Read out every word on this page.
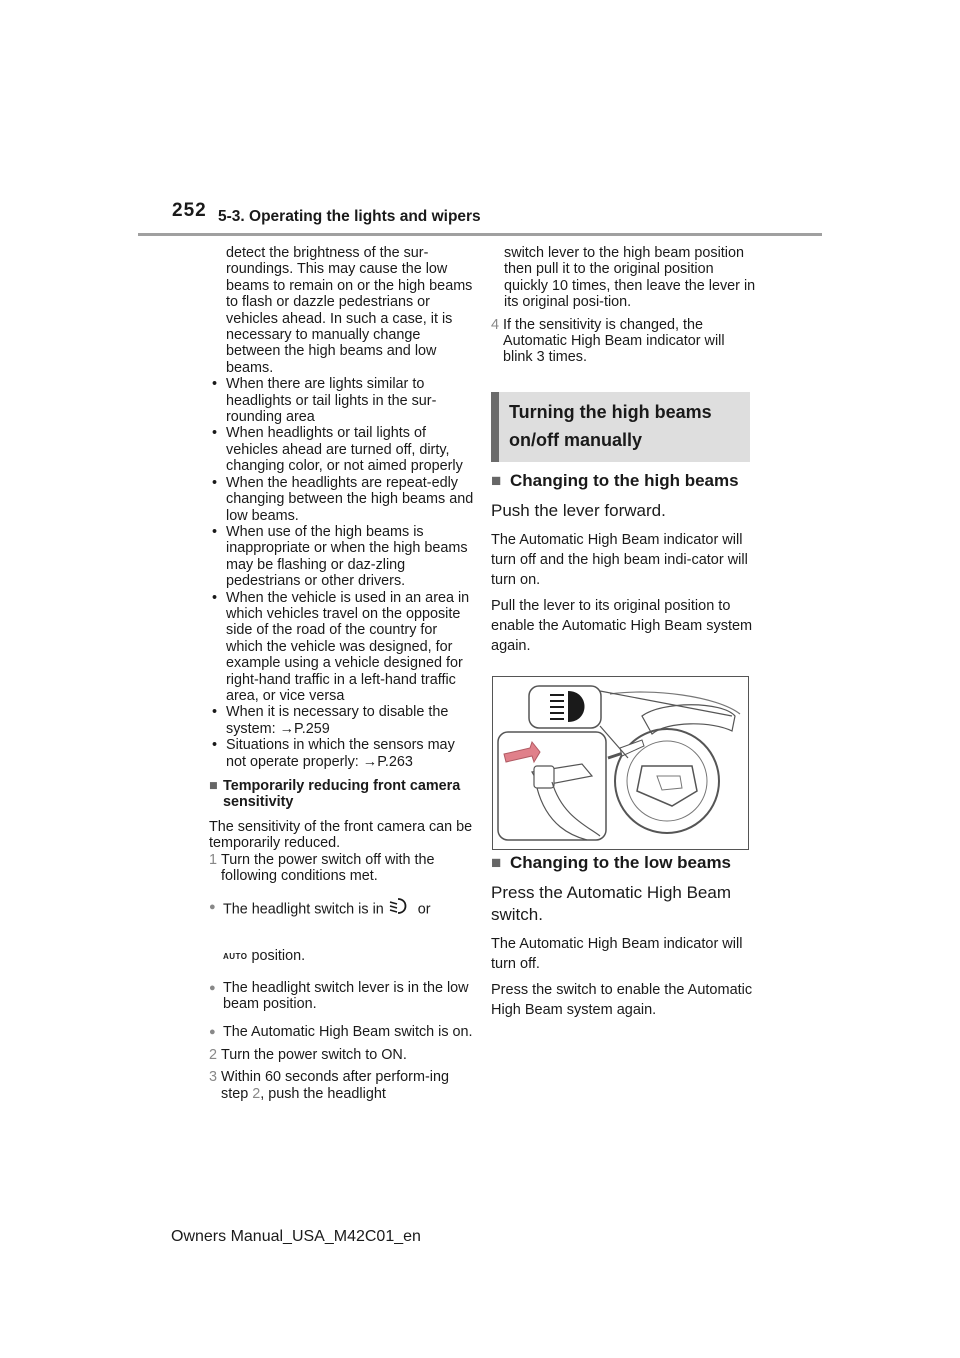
252 5-3. Operating the lights and wipers

detect the brightness of the sur-roundings. This may cause the low beams to remain on or the high beams to flash or dazzle pedestrians or vehicles ahead. In such a case, it is necessary to manually change between the high beams and low beams.

• When there are lights similar to headlights or tail lights in the sur-rounding area

• When headlights or tail lights of vehicles ahead are turned off, dirty, changing color, or not aimed properly

• When the headlights are repeat-edly changing between the high beams and low beams.

• When use of the high beams is inappropriate or when the high beams may be flashing or daz-zling pedestrians or other drivers.

• When the vehicle is used in an area in which vehicles travel on the opposite side of the road of the country for which the vehicle was designed, for example using a vehicle designed for right-hand traffic in a left-hand traffic area, or vice versa

• When it is necessary to disable the system: →P.259

• Situations in which the sensors may not operate properly: →P.263

■ Temporarily reducing front camera sensitivity

The sensitivity of the front camera can be temporarily reduced.

1 Turn the power switch off with the following conditions met.

● The headlight switch is in  or

AUTO position.

● The headlight switch lever is in the low beam position.

● The Automatic High Beam switch is on.

2 Turn the power switch to ON.

3 Within 60 seconds after perform-ing step 2, push the headlight

switch lever to the high beam position then pull it to the original position quickly 10 times, then leave the lever in its original posi-tion.

4 If the sensitivity is changed, the Automatic High Beam indicator will blink 3 times.

Turning the high beams on/off manually

■ Changing to the high beams

Push the lever forward.

The Automatic High Beam indicator will turn off and the high beam indi-cator will turn on.

Pull the lever to its original position to enable the Automatic High Beam system again.

■ Changing to the low beams

Press the Automatic High Beam switch.

The Automatic High Beam indicator will turn off.

Press the switch to enable the Automatic High Beam system again.

Owners Manual_USA_M42C01_en
